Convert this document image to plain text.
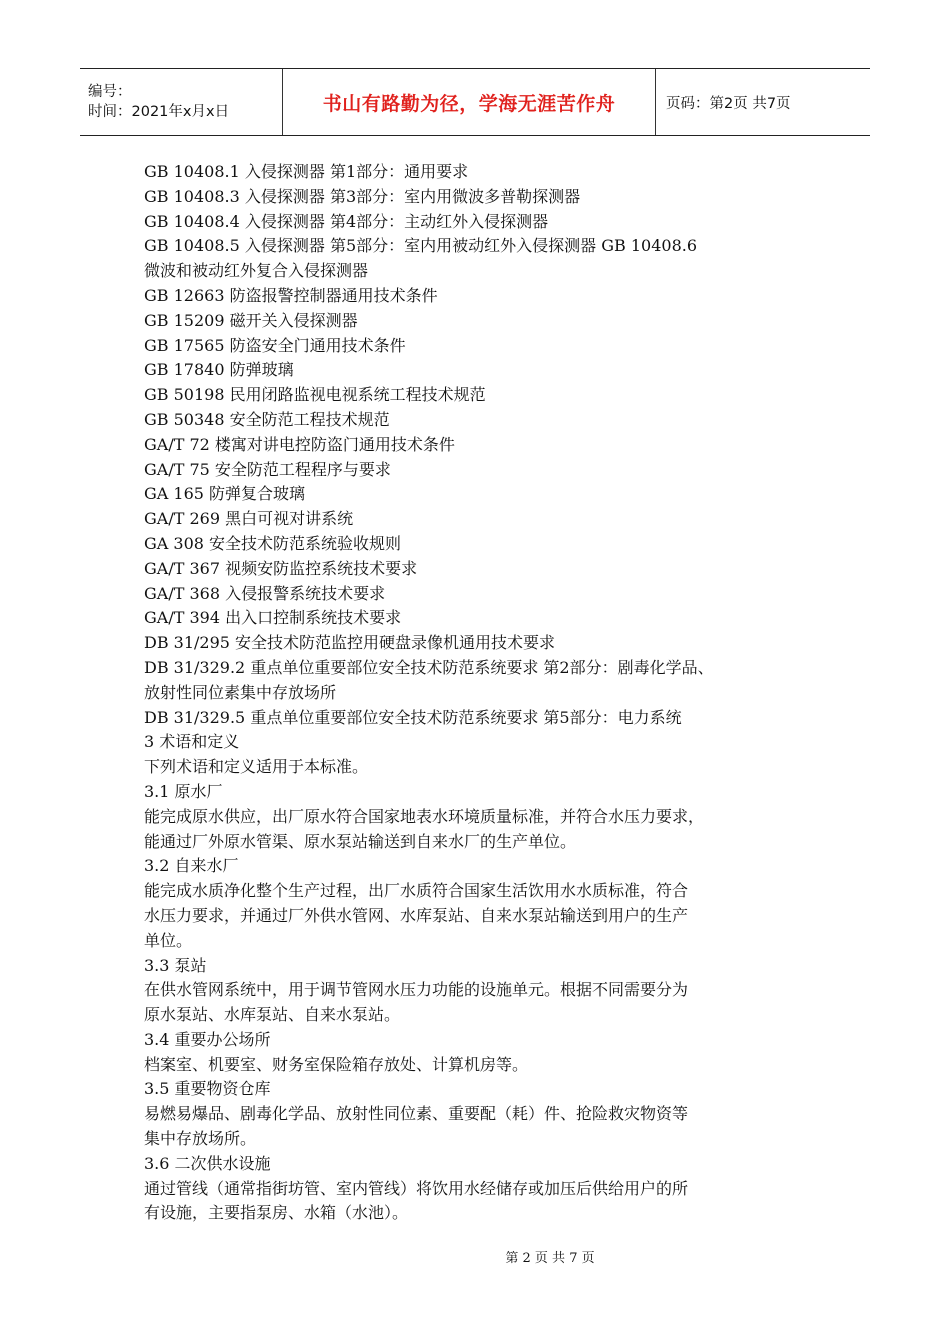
编号：
时间：2021年x月x日	书山有路勤为径，学海无涯苦作舟	页码：第2页 共7页
GB 10408.1 入侵探测器 第1部分：通用要求
GB 10408.3 入侵探测器 第3部分：室内用微波多普勒探测器
GB 10408.4 入侵探测器 第4部分：主动红外入侵探测器
GB 10408.5 入侵探测器 第5部分：室内用被动红外入侵探测器 GB 10408.6
微波和被动红外复合入侵探测器
GB 12663 防盗报警控制器通用技术条件
GB 15209 磁开关入侵探测器
GB 17565 防盗安全门通用技术条件
GB 17840 防弹玻璃
GB 50198 民用闭路监视电视系统工程技术规范
GB 50348 安全防范工程技术规范
GA/T 72 楼寓对讲电控防盗门通用技术条件
GA/T 75 安全防范工程程序与要求
GA 165 防弹复合玻璃
GA/T 269 黑白可视对讲系统
GA 308 安全技术防范系统验收规则
GA/T 367 视频安防监控系统技术要求
GA/T 368 入侵报警系统技术要求
GA/T 394 出入口控制系统技术要求
DB 31/295 安全技术防范监控用硬盘录像机通用技术要求
DB 31/329.2 重点单位重要部位安全技术防范系统要求 第2部分：剧毒化学品、
放射性同位素集中存放场所
DB 31/329.5 重点单位重要部位安全技术防范系统要求 第5部分：电力系统
3 术语和定义
下列术语和定义适用于本标准。
3.1 原水厂
能完成原水供应，出厂原水符合国家地表水环境质量标准，并符合水压力要求，
能通过厂外原水管渠、原水泵站输送到自来水厂的生产单位。
3.2 自来水厂
能完成水质净化整个生产过程，出厂水质符合国家生活饮用水水质标准，符合
水压力要求，并通过厂外供水管网、水库泵站、自来水泵站输送到用户的生产
单位。
3.3 泵站
在供水管网系统中，用于调节管网水压力功能的设施单元。根据不同需要分为
原水泵站、水库泵站、自来水泵站。
3.4 重要办公场所
档案室、机要室、财务室保险箱存放处、计算机房等。
3.5 重要物资仓库
易燃易爆品、剧毒化学品、放射性同位素、重要配（耗）件、抢险救灾物资等
集中存放场所。
3.6 二次供水设施
通过管线（通常指街坊管、室内管线）将饮用水经储存或加压后供给用户的所
有设施，主要指泵房、水箱（水池）。
第 2 页 共 7 页
